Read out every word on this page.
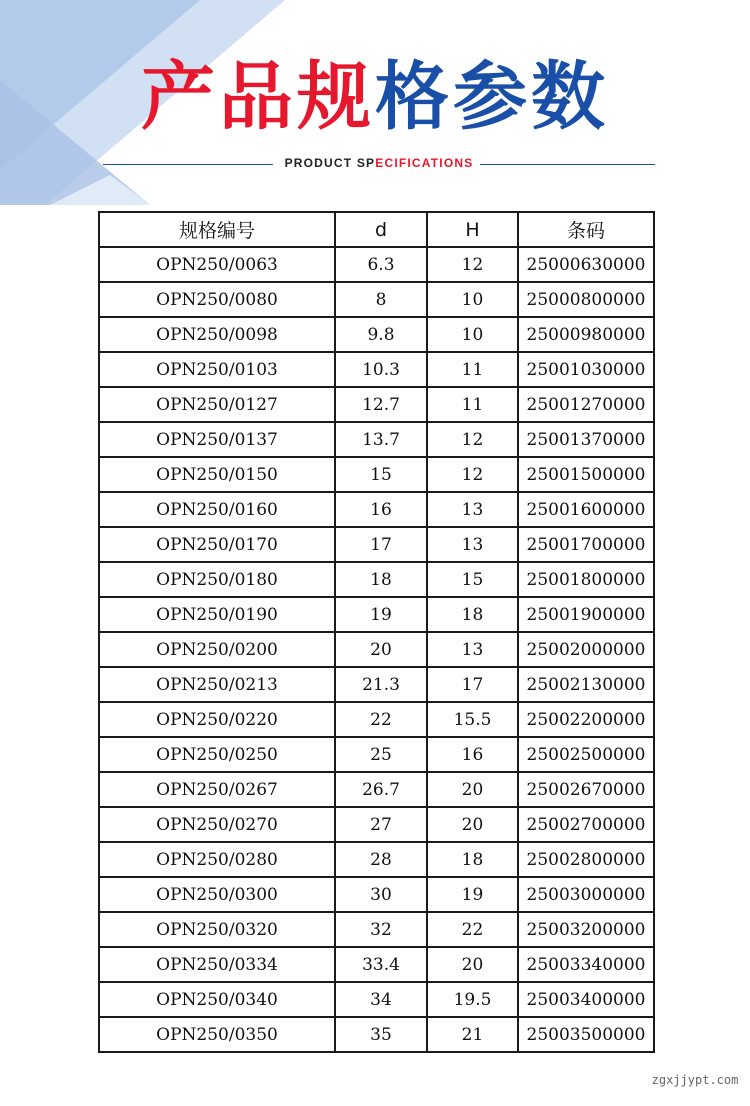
产品规格参数
PRODUCT SPECIFICATIONS
规格编号	d	H	条码
OPN250/0063	6.3	12	25000630000
OPN250/0080	8	10	25000800000
OPN250/0098	9.8	10	25000980000
OPN250/0103	10.3	11	25001030000
OPN250/0127	12.7	11	25001270000
OPN250/0137	13.7	12	25001370000
OPN250/0150	15	12	25001500000
OPN250/0160	16	13	25001600000
OPN250/0170	17	13	25001700000
OPN250/0180	18	15	25001800000
OPN250/0190	19	18	25001900000
OPN250/0200	20	13	25002000000
OPN250/0213	21.3	17	25002130000
OPN250/0220	22	15.5	25002200000
OPN250/0250	25	16	25002500000
OPN250/0267	26.7	20	25002670000
OPN250/0270	27	20	25002700000
OPN250/0280	28	18	25002800000
OPN250/0300	30	19	25003000000
OPN250/0320	32	22	25003200000
OPN250/0334	33.4	20	25003340000
OPN250/0340	34	19.5	25003400000
OPN250/0350	35	21	25003500000
zgxjjypt.com
